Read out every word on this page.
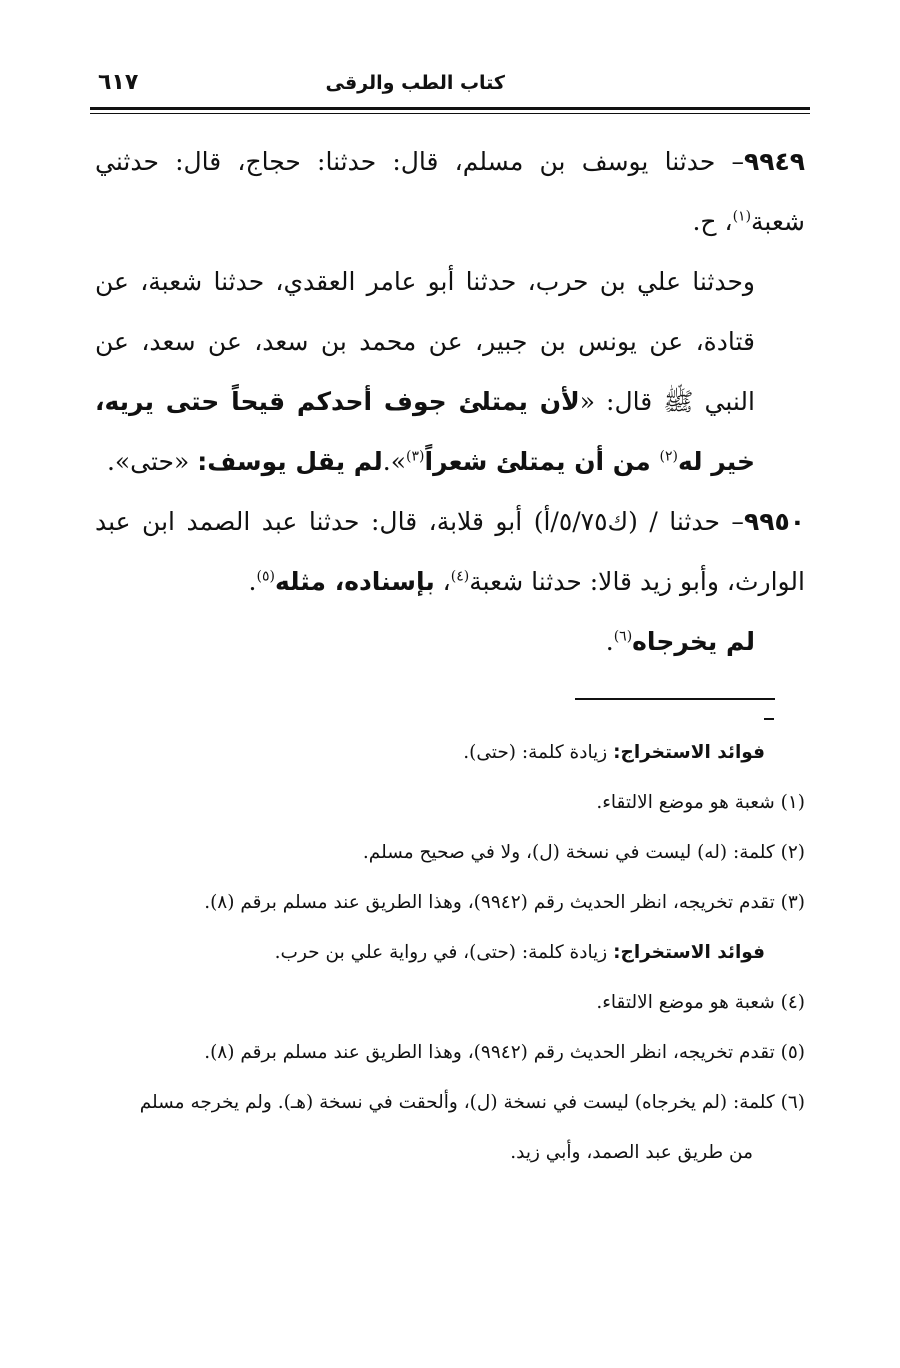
كتاب الطب والرقى
٦١٧

٩٩٤٩– حدثنا يوسف بن مسلم، قال: حدثنا: حجاج، قال: حدثني شعبة$^{(١)}$، ح.

وحدثنا علي بن حرب، حدثنا أبو عامر العقدي، حدثنا شعبة، عن قتادة، عن يونس بن جبير، عن محمد بن سعد، عن سعد، عن النبي ﷺ قال: «لأن يمتلئ جوف أحدكم قيحاً حتى يريه، خير له$^{(٢)}$ من أن يمتلئ شعراً$^{(٣)}$».لم يقل يوسف: «حتى».

٩٩٥٠– حدثنا / (ك٥/٧٥/أ) أبو قلابة، قال: حدثنا عبد الصمد ابن عبد الوارث، وأبو زيد قالا: حدثنا شعبة$^{(٤)}$، بإسناده، مثله$^{(٥)}$.

لم يخرجاه$^{(٦)}$.

فوائد الاستخراج: زيادة كلمة: (حتى).

(١) شعبة هو موضع الالتقاء.

(٢) كلمة: (له) ليست في نسخة (ل)، ولا في صحيح مسلم.

(٣) تقدم تخريجه، انظر الحديث رقم (٩٩٤٢)، وهذا الطريق عند مسلم برقم (٨).

فوائد الاستخراج: زيادة كلمة: (حتى)، في رواية علي بن حرب.

(٤) شعبة هو موضع الالتقاء.

(٥) تقدم تخريجه، انظر الحديث رقم (٩٩٤٢)، وهذا الطريق عند مسلم برقم (٨).

(٦) كلمة: (لم يخرجاه) ليست في نسخة (ل)، وألحقت في نسخة (هـ). ولم يخرجه مسلم

من طريق عبد الصمد، وأبي زيد.
